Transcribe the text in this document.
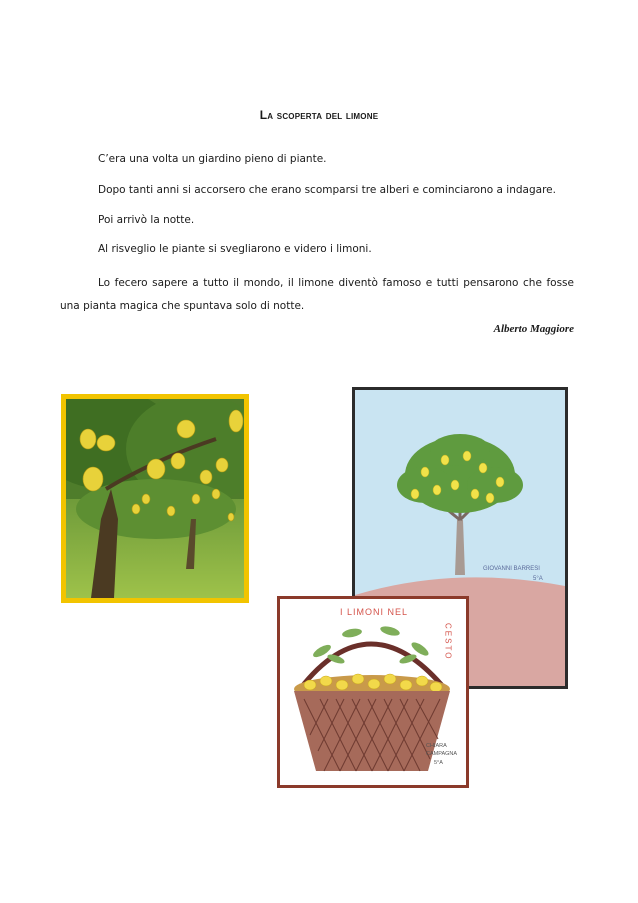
La scoperta del limone
C’era una volta un giardino pieno di piante.
Dopo tanti anni si accorsero che erano scomparsi tre alberi e cominciarono a indagare.
Poi arrivò la notte.
Al risveglio le piante si svegliarono e videro i limoni.
Lo fecero sapere a tutto il mondo, il limone diventò famoso e tutti pensarono che fosse una pianta magica che spuntava solo di notte.
Alberto Maggiore
GIOVANNI BARRESI
5°A
I LIMONI NEL
CESTO
CHIARA
CAMPAGNA
5°A
